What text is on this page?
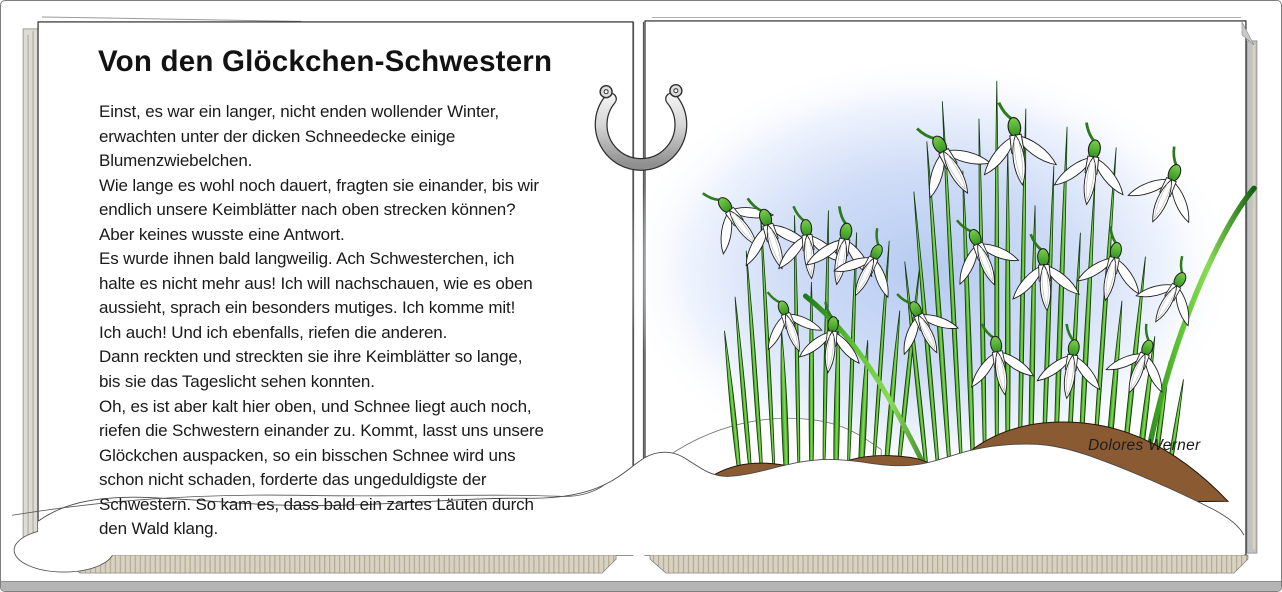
Von den Glöckchen-Schwestern
Einst, es war ein langer, nicht enden wollender Winter,
erwachten unter der dicken Schneedecke einige
Blumenzwiebelchen.
Wie lange es wohl noch dauert, fragten sie einander, bis wir
endlich unsere Keimblätter nach oben strecken können?
Aber keines wusste eine Antwort.
Es wurde ihnen bald langweilig. Ach Schwesterchen, ich
halte es nicht mehr aus! Ich will nachschauen, wie es oben
aussieht, sprach ein besonders mutiges. Ich komme mit!
Ich auch! Und ich ebenfalls, riefen die anderen.
Dann reckten und streckten sie ihre Keimblätter so lange,
bis sie das Tageslicht sehen konnten.
Oh, es ist aber kalt hier oben, und Schnee liegt auch noch,
riefen die Schwestern einander zu. Kommt, lasst uns unsere
Glöckchen auspacken, so ein bisschen Schnee wird uns
schon nicht schaden, forderte das ungeduldigste der
Schwestern. So kam es, dass bald ein zartes Läuten durch
den Wald klang.
Dolores Werner
